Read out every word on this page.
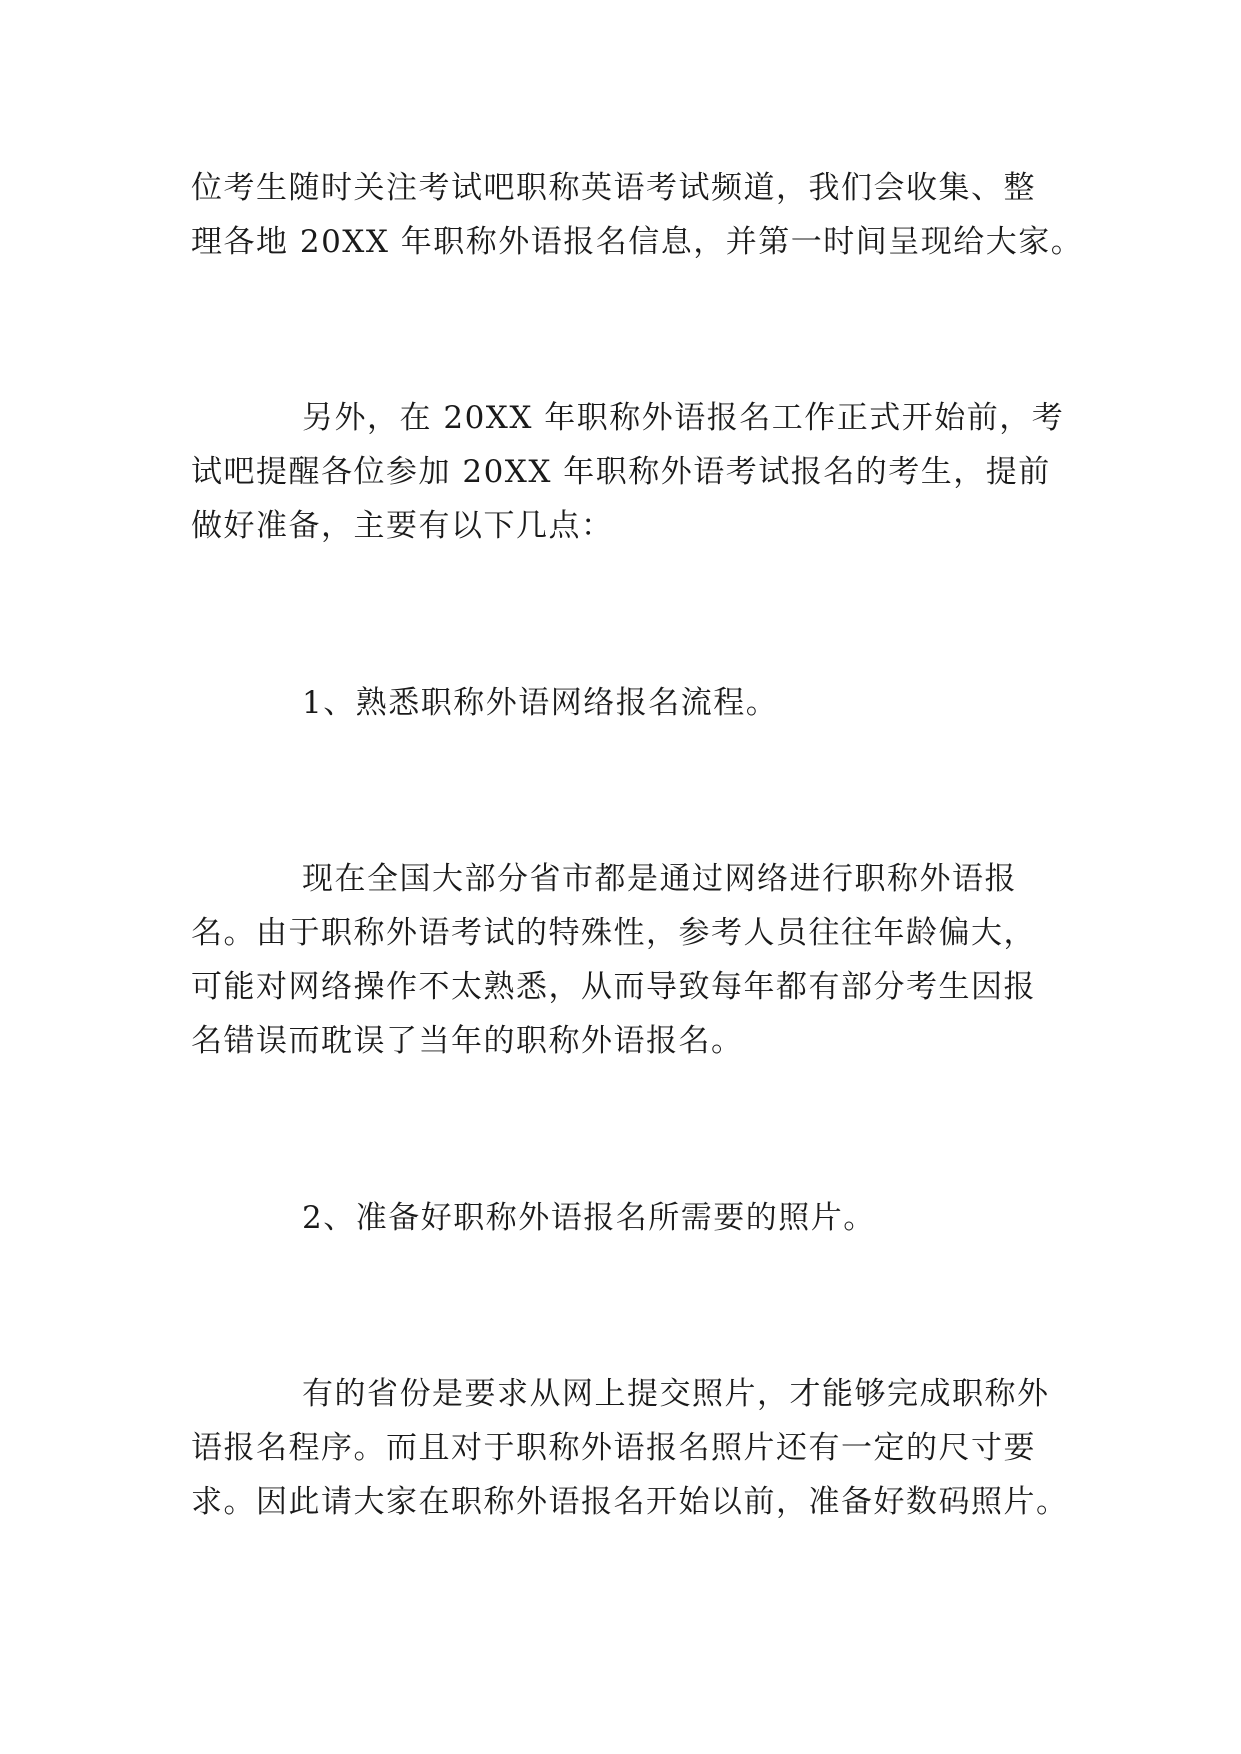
位考生随时关注考试吧职称英语考试频道，我们会收集、整
理各地 20XX 年职称外语报名信息，并第一时间呈现给大家。
另外，在 20XX 年职称外语报名工作正式开始前，考
试吧提醒各位参加 20XX 年职称外语考试报名的考生，提前
做好准备，主要有以下几点：
1、熟悉职称外语网络报名流程。
现在全国大部分省市都是通过网络进行职称外语报
名。由于职称外语考试的特殊性，参考人员往往年龄偏大，
可能对网络操作不太熟悉，从而导致每年都有部分考生因报
名错误而耽误了当年的职称外语报名。
2、准备好职称外语报名所需要的照片。
有的省份是要求从网上提交照片，才能够完成职称外
语报名程序。而且对于职称外语报名照片还有一定的尺寸要
求。因此请大家在职称外语报名开始以前，准备好数码照片。
